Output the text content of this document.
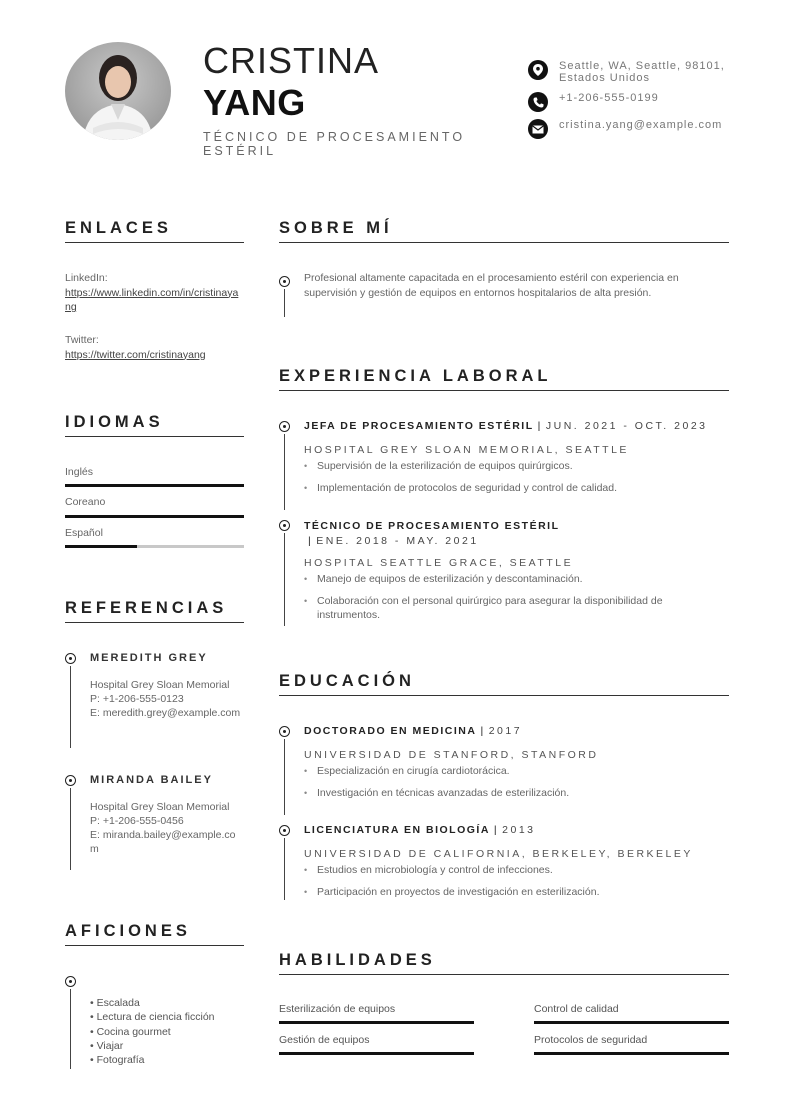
CRISTINA
YANG
TÉCNICO DE PROCESAMIENTO ESTÉRIL
Seattle, WA, Seattle, 98101, Estados Unidos
+1-206-555-0199
cristina.yang@example.com
ENLACES
LinkedIn:
https://www.linkedin.com/in/cristinayang
Twitter:
https://twitter.com/cristinayang
IDIOMAS
Inglés
Coreano
Español
REFERENCIAS
MEREDITH GREY
Hospital Grey Sloan Memorial
P: +1-206-555-0123
E: meredith.grey@example.com
MIRANDA BAILEY
Hospital Grey Sloan Memorial
P: +1-206-555-0456
E: miranda.bailey@example.com
AFICIONES
• Escalada
• Lectura de ciencia ficción
• Cocina gourmet
• Viajar
• Fotografía
SOBRE MÍ
Profesional altamente capacitada en el procesamiento estéril con experiencia en supervisión y gestión de equipos en entornos hospitalarios de alta presión.
EXPERIENCIA LABORAL
JEFA DE PROCESAMIENTO ESTÉRIL | JUN. 2021 - OCT. 2023
HOSPITAL GREY SLOAN MEMORIAL, SEATTLE
• Supervisión de la esterilización de equipos quirúrgicos.
• Implementación de protocolos de seguridad y control de calidad.
TÉCNICO DE PROCESAMIENTO ESTÉRIL
| ENE. 2018 - MAY. 2021
HOSPITAL SEATTLE GRACE, SEATTLE
• Manejo de equipos de esterilización y descontaminación.
• Colaboración con el personal quirúrgico para asegurar la disponibilidad de instrumentos.
EDUCACIÓN
DOCTORADO EN MEDICINA | 2017
UNIVERSIDAD DE STANFORD, STANFORD
• Especialización en cirugía cardiotorácica.
• Investigación en técnicas avanzadas de esterilización.
LICENCIATURA EN BIOLOGÍA | 2013
UNIVERSIDAD DE CALIFORNIA, BERKELEY, BERKELEY
• Estudios en microbiología y control de infecciones.
• Participación en proyectos de investigación en esterilización.
HABILIDADES
Esterilización de equipos	Control de calidad
Gestión de equipos	Protocolos de seguridad
